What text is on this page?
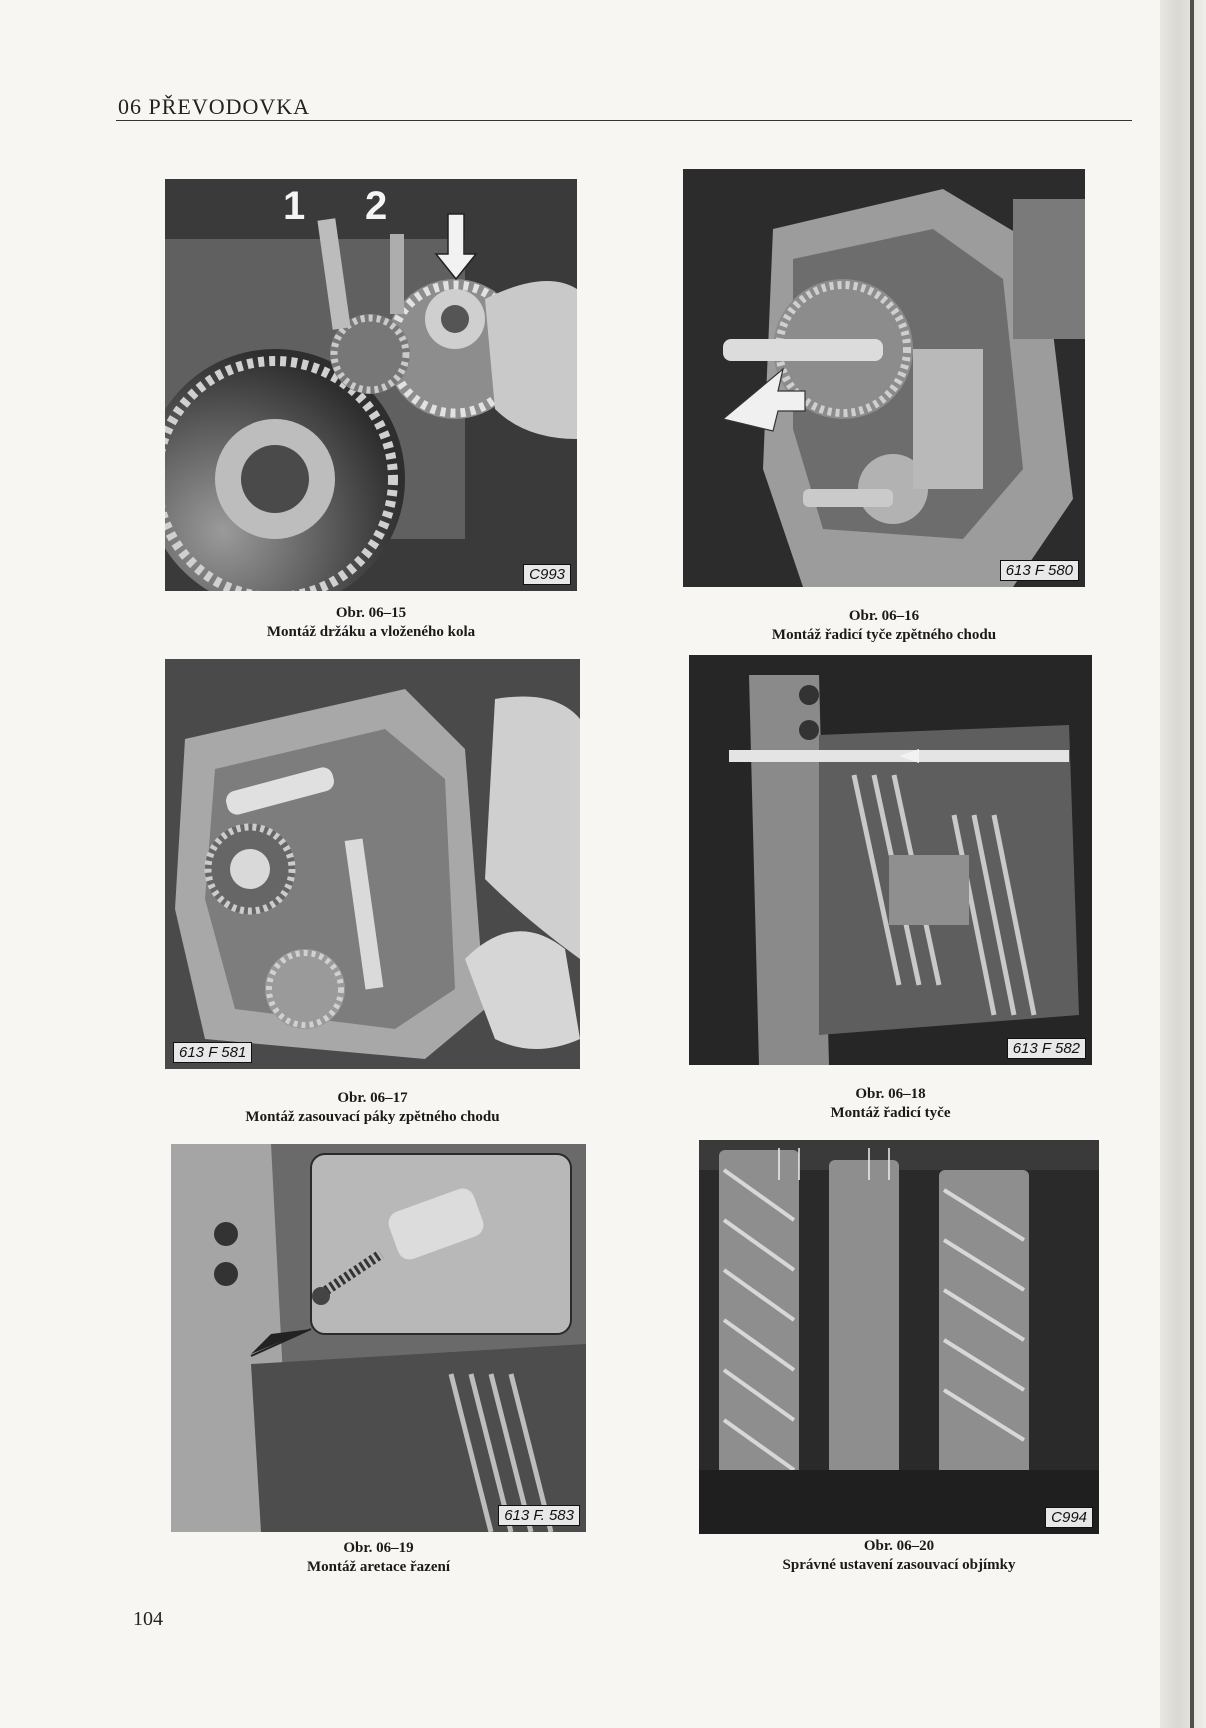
06 PŘEVODOVKA
1 2
C993
Obr. 06–15
Montáž držáku a vloženého kola
613 F 580
Obr. 06–16
Montáž řadicí tyče zpětného chodu
613 F 581
Obr. 06–17
Montáž zasouvací páky zpětného chodu
613 F 582
Obr. 06–18
Montáž řadicí tyče
613 F. 583
Obr. 06–19
Montáž aretace řazení
C994
Obr. 06–20
Správné ustavení zasouvací objímky
104
